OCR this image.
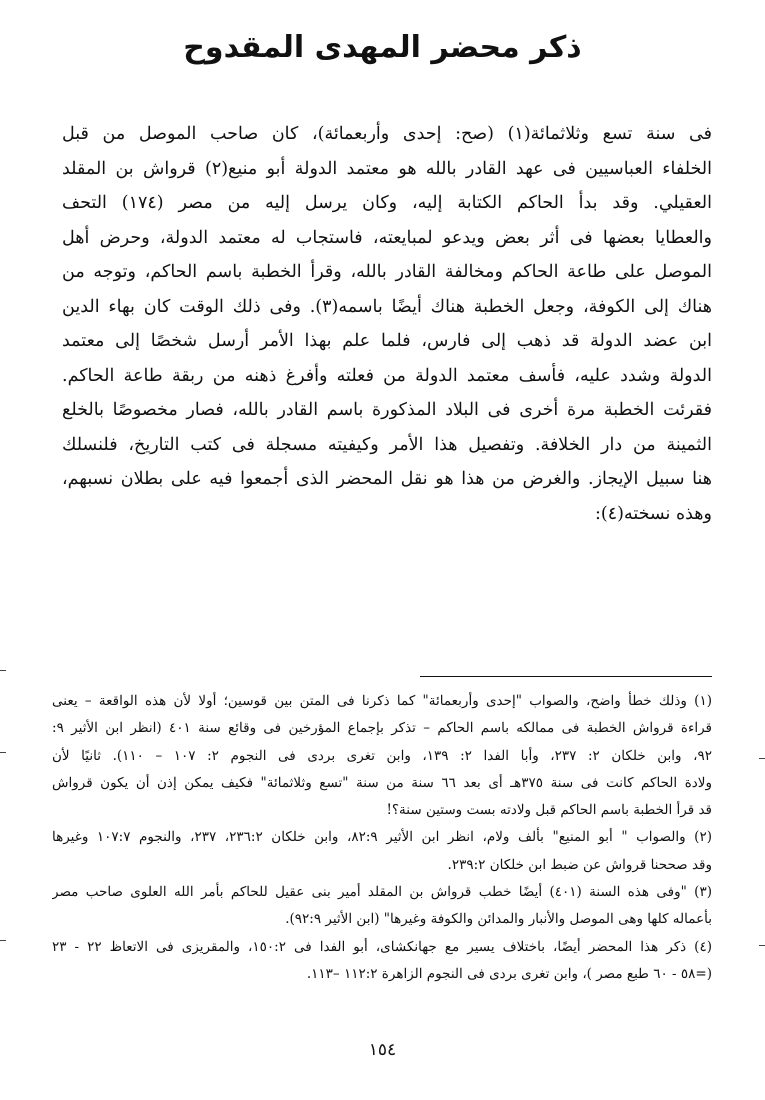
ذكر محضر المهدى المقدوح
فى سنة تسع وثلاثمائة(١) (صح: إحدى وأربعمائة)، كان صاحب الموصل من قبل
الخلفاء العباسيين فى عهد القادر بالله هو معتمد الدولة أبو منيع(٢) قرواش بن المقلد
العقيلي. وقد بدأ الحاكم الكتابة إليه، وكان يرسل إليه من مصر (١٧٤) التحف
والعطايا بعضها فى أثر بعض ويدعو لمبايعته، فاستجاب له معتمد الدولة، وحرض أهل
الموصل على طاعة الحاكم ومخالفة القادر بالله، وقرأ الخطبة باسم الحاكم، وتوجه من
هناك إلى الكوفة، وجعل الخطبة هناك أيضًا باسمه(٣). وفى ذلك الوقت كان بهاء الدين
ابن عضد الدولة قد ذهب إلى فارس، فلما علم بهذا الأمر أرسل شخصًا إلى معتمد
الدولة وشدد عليه، فأسف معتمد الدولة من فعلته وأفرغ ذهنه من ربقة طاعة الحاكم.
فقرئت الخطبة مرة أخرى فى البلاد المذكورة باسم القادر بالله، فصار مخصوصًا بالخلع
الثمينة من دار الخلافة. وتفصيل هذا الأمر وكيفيته مسجلة فى كتب التاريخ، فلنسلك
هنا سبيل الإيجاز. والغرض من هذا هو نقل المحضر الذى أجمعوا فيه على بطلان نسبهم،
وهذه نسخته(٤):
(١) وذلك خطأ واضح، والصواب "إحدى وأربعمائة" كما ذكرنا فى المتن بين قوسين؛ أولا لأن هذه الواقعة – يعنى
قراءة قرواش الخطبة فى ممالكه باسم الحاكم – تذكر بإجماع المؤرخين فى وقائع سنة ٤٠١ (انظر ابن الأثير ٩:
٩٢، وابن خلكان ٢: ٢٣٧، وأبا الفدا ٢: ١٣٩، وابن تغرى بردى فى النجوم ٢: ١٠٧ – ١١٠). ثانيًا لأن
ولادة الحاكم كانت فى سنة ٣٧٥هـ أى بعد ٦٦ سنة من سنة "تسع وثلاثمائة" فكيف يمكن إذن أن يكون قرواش
قد قرأ الخطبة باسم الحاكم قبل ولادته بست وستين سنة؟!
(٢) والصواب " أبو المنيع" بألف ولام، انظر ابن الأثير ٨٢:٩، وابن خلكان ٢٣٦:٢، ٢٣٧، والنجوم ١٠٧:٧ وغيرها
وقد صححنا قرواش عن ضبط ابن خلكان ٢٣٩:٢.
(٣) "وفى هذه السنة (٤٠١) أيضًا خطب قرواش بن المقلد أمير بنى عقيل للحاكم بأمر الله العلوى صاحب مصر
بأعماله كلها وهى الموصل والأنبار والمدائن والكوفة وغيرها" (ابن الأثير ٩٢:٩).
(٤) ذكر هذا المحضر أيضًا، باختلاف يسير مع جهانكشاى، أبو الفدا فى ١٥٠:٢، والمقريزى فى الاتعاظ ٢٢ - ٢٣
(=٥٨ - ٦٠ طبع مصر )، وابن تغرى بردى فى النجوم الزاهرة ١١٢:٢ –١١٣.
١٥٤
